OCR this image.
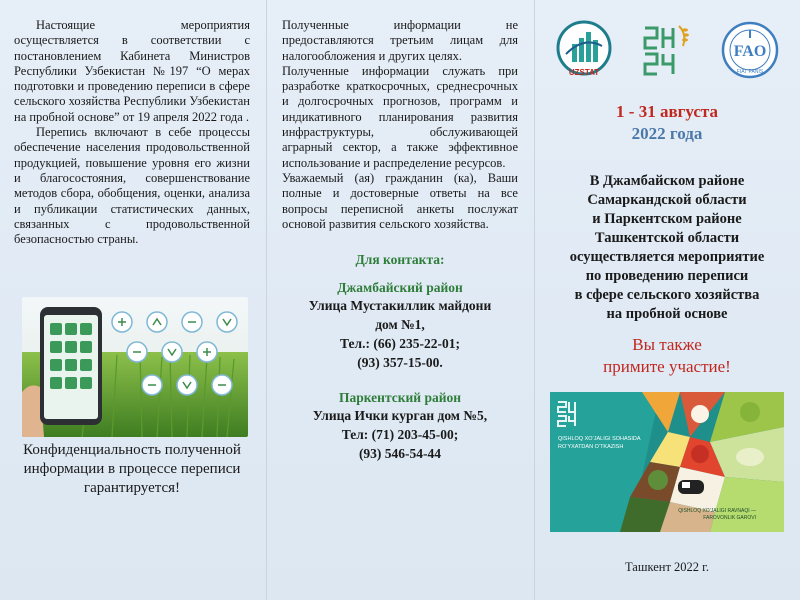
Настоящие мероприятия осуществляется в соответствии с постановлением Кабинета Министров Республики Узбекистан №197 “О мерах подготовки и проведению переписи в сфере сельского хозяйства Республики Узбекистан на пробной основе” от 19 апреля 2022 года .

Перепись включают в себе процессы обеспечение населения продовольственной продукцией, повышение уровня его жизни и благосостояния, совершенствование методов сбора, обобщения, оценки, анализа и публикации статистических данных, связанных с продовольственной безопасностью страны.

Конфиденциальность полученной информации в процессе переписи гарантируется!

Полученные информации не предоставляются третьим лицам для налогообложения и других целях.

Полученные информации служать при разработке краткосрочных, среднесрочных и долгосрочных прогнозов, программ и индикативного планирования развития инфраструктуры, обслуживающей аграрный сектор, а также эффективное использование и распределение ресурсов.

Уважаемый (ая) гражданин (ка), Ваши полные и достоверные ответы на все вопросы переписной анкеты послужат основой развития сельского хозяйства.

Для контакта:
Джамбайский район
Улица Мустакиллик майдони
дом №1,
Тел.: (66) 235-22-01;
(93) 357-15-00.
Паркентский район
Улица Ички курган дом №5,
Тел: (71) 203-45-00;
(93) 546-54-44
UZSTAT
FAO
FIAT PANIS
1 - 31 августа
2022 года
В Джамбайском районе
Самаркандской области
и Паркентском районе
Ташкентской области
осуществляется мероприятие
по проведению переписи
в сфере сельского хозяйства
на пробной основе
Вы также
примите участие!
QISHLOQ XO‘JALIGI SOHASIDA
RO‘YXATDAN O‘TKAZISH
QISHLOQ XO‘JALIGI RAVNAQI —
FAROVONLIK GAROVI
Ташкент 2022 г.
